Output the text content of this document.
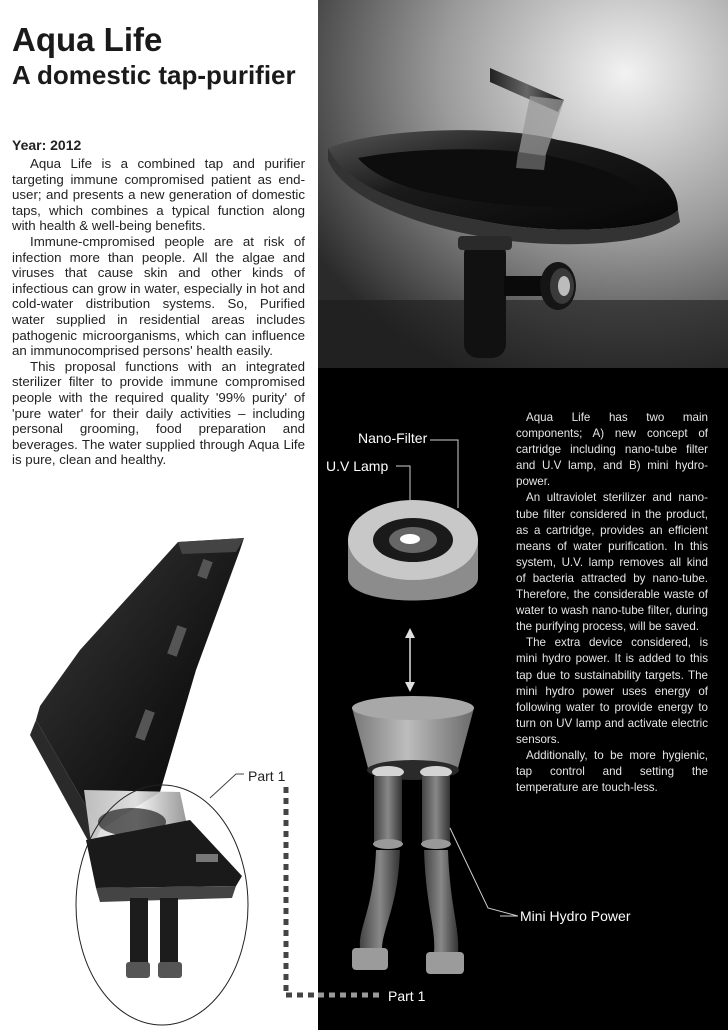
Aqua Life
A domestic tap-purifier
Year: 2012

Aqua Life is a combined tap and purifier targeting immune compromised patient as end-user; and presents a new generation of domestic taps, which combines a typical function along with health & well-being benefits.

Immune-cmpromised people are at risk of infection more than people. All the algae and viruses that cause skin and other kinds of infectious can grow in water, especially in hot and cold-water distribution systems. So, Purified water supplied in residential areas includes pathogenic microorganisms, which can influence an immunocomprised persons' health easily.

This proposal functions with an integrated sterilizer filter to provide immune compromised people with the required quality '99% purity' of 'pure water' for their daily activities – including personal grooming, food preparation and beverages. The water supplied through Aqua Life is pure, clean and healthy.

Nano-Filter
U.V Lamp
Mini Hydro Power

Aqua Life has two main components; A) new concept of cartridge including nano-tube filter and U.V lamp, and B) mini hydro-power.

An ultraviolet sterilizer and nano-tube filter considered in the product, as a cartridge, provides an efficient means of water purification. In this system, U.V. lamp removes all kind of bacteria attracted by nano-tube. Therefore, the considerable waste of water to wash nano-tube filter, during the purifying process, will be saved.

The extra device considered, is mini hydro power. It is added to this tap due to sustainability targets. The mini hydro power uses energy of following water to provide energy to turn on UV lamp and activate electric sensors.

Additionally, to be more hygienic, tap control and setting the temperature are touch-less.

Part 1
Part 1
